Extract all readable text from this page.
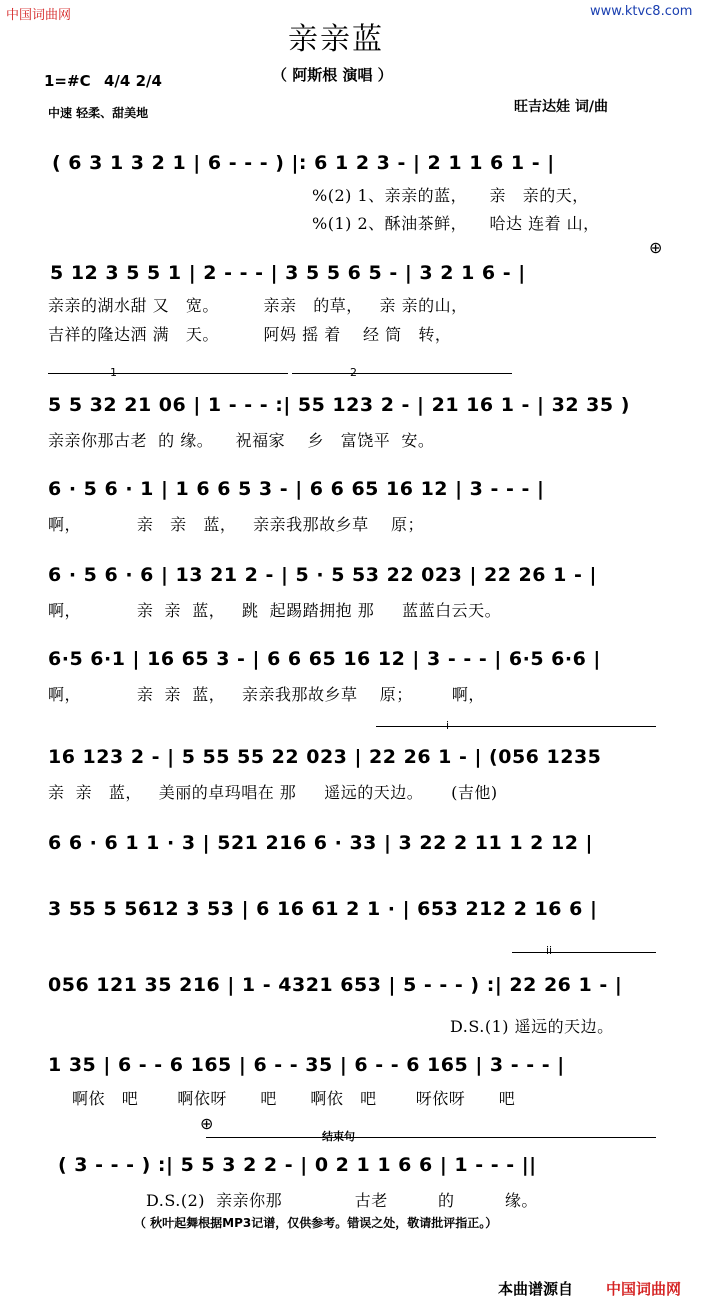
中国词曲网	www.ktvc8.com
亲亲蓝
（ 阿斯根 演唱 ）
1=#C 4/4 2/4
中速 轻柔、甜美地	旺吉达娃 词/曲
( 6 3 1 3 2 1 | 6 - - - ) |: 6 1 2 3 - | 2 1 1 6 1 - |
%(2) 1、亲亲的蓝，    亲   亲的天，
%(1) 2、酥油茶鲜，    哈达 连着 山，
5 12 3 5 5 1 | 2 - - - | 3 5 5 6 5 - | 3 2 1 6 - |
亲亲的湖水甜 又   宽。        亲亲   的草，   亲 亲的山，
吉祥的隆达洒 满   天。        阿妈 摇 着    经 筒   转，
⊕
1	2
5 5 32 21 06 | 1 - - - :| 55 123 2 - | 21 16 1 - | 32 35 )
亲亲你那古老  的 缘。    祝福家    乡   富饶平  安。
6 · 5 6 · 1 | 1 6 6 5 3 - | 6 6 65 16 12 | 3 - - - |
啊，          亲   亲   蓝，   亲亲我那故乡草    原；
6 · 5 6 · 6 | 13 21 2 - | 5 · 5 53 22 023 | 22 26 1 - |
啊，          亲  亲  蓝，   跳  起踢踏拥抱 那     蓝蓝白云天。
6·5 6·1 | 16 65 3 - | 6 6 65 16 12 | 3 - - - | 6·5 6·6 |
啊，          亲  亲  蓝，   亲亲我那故乡草    原；       啊，
i
16 123 2 - | 5 55 55 22 023 | 22 26 1 - | (056 1235
亲  亲   蓝，   美丽的卓玛唱在 那     遥远的天边。     (吉他)
6 6 · 6 1 1 · 3 | 521 216 6 · 33 | 3 22 2 11 1 2 12 |
3 55 5 5612 3 53 | 6 16 61 2 1 · | 653 212 2 16 6 |
ii
056 121 35 216 | 1 - 4321 653 | 5 - - - ) :| 22 26 1 - |
D.S.(1) 遥远的天边。
1 35 | 6 - - 6 165 | 6 - - 35 | 6 - - 6 165 | 3 - - - |
啊依   吧       啊依呀      吧      啊依   吧       呀依呀      吧
⊕
结束句
( 3 - - - ) :| 5 5 3 2 2 - | 0 2 1 1 6 6 | 1 - - - ||
D.S.(2)  亲亲你那             古老         的         缘。
（ 秋叶起舞根据MP3记谱，仅供参考。错误之处，敬请批评指正。）
本曲谱源自 中国词曲网
